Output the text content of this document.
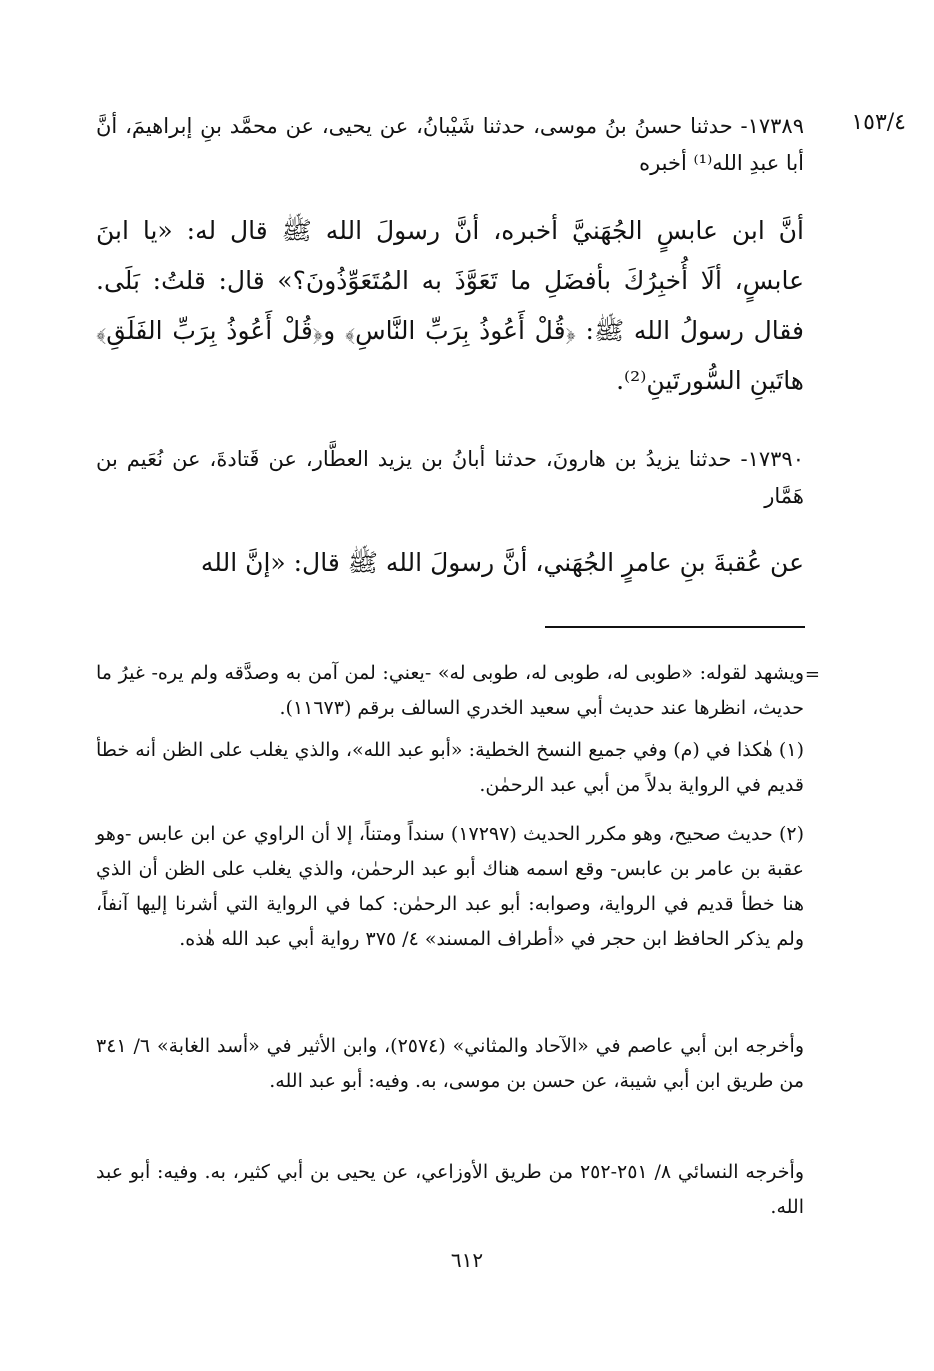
١٥٣/٤
١٧٣٨٩- حدثنا حسنُ بنُ موسى، حدثنا شَيْبانُ، عن يحيى، عن محمَّد بنِ إبراهيمَ، أنَّ أبا عبدِ الله⁽¹⁾ أخبره
أنَّ ابن عابسٍ الجُهَنيَّ أخبره، أنَّ رسولَ الله ﷺ قال له: «يا ابنَ عابسٍ، ألَا أُخبِرُكَ بأفضَلِ ما تَعَوَّذَ به المُتَعَوِّذُونَ؟» قال: قلتُ: بَلَى. فقال رسولُ الله ﷺ: ﴿قُلْ أَعُوذُ بِرَبِّ النَّاسِ﴾ و﴿قُلْ أَعُوذُ بِرَبِّ الفَلَقِ﴾ هاتَينِ السُّورتَينِ⁽²⁾.
١٧٣٩٠- حدثنا يزيدُ بن هارونَ، حدثنا أبانُ بن يزيد العطَّار، عن قَتادةَ، عن نُعَيم بن هَمَّار
عن عُقبةَ بنِ عامرٍ الجُهَني، أنَّ رسولَ الله ﷺ قال: «إنَّ الله
=
ويشهد لقوله: «طوبى له، طوبى له، طوبى له» -يعني: لمن آمن به وصدَّقه ولم يره- غيرُ ما حديث، انظرها عند حديث أبي سعيد الخدري السالف برقم (١١٦٧٣).
(١) هٰكذا في (م) وفي جميع النسخ الخطية: «أبو عبد الله»، والذي يغلب على الظن أنه خطأ قديم في الرواية بدلاً من أبي عبد الرحمٰن.
(٢) حديث صحيح، وهو مكرر الحديث (١٧٢٩٧) سنداً ومتناً، إلا أن الراوي عن ابن عابس -وهو عقبة بن عامر بن عابس- وقع اسمه هناك أبو عبد الرحمٰن، والذي يغلب على الظن أن الذي هنا خطأ قديم في الرواية، وصوابه: أبو عبد الرحمٰن: كما في الرواية التي أشرنا إليها آنفاً، ولم يذكر الحافظ ابن حجر في «أطراف المسند» ٤/ ٣٧٥ رواية أبي عبد الله هٰذه.
وأخرجه ابن أبي عاصم في «الآحاد والمثاني» (٢٥٧٤)، وابن الأثير في «أسد الغابة» ٦/ ٣٤١ من طريق ابن أبي شيبة، عن حسن بن موسى، به. وفيه: أبو عبد الله.
وأخرجه النسائي ٨/ ٢٥١-٢٥٢ من طريق الأوزاعي، عن يحيى بن أبي كثير، به. وفيه: أبو عبد الله.
٦١٢
